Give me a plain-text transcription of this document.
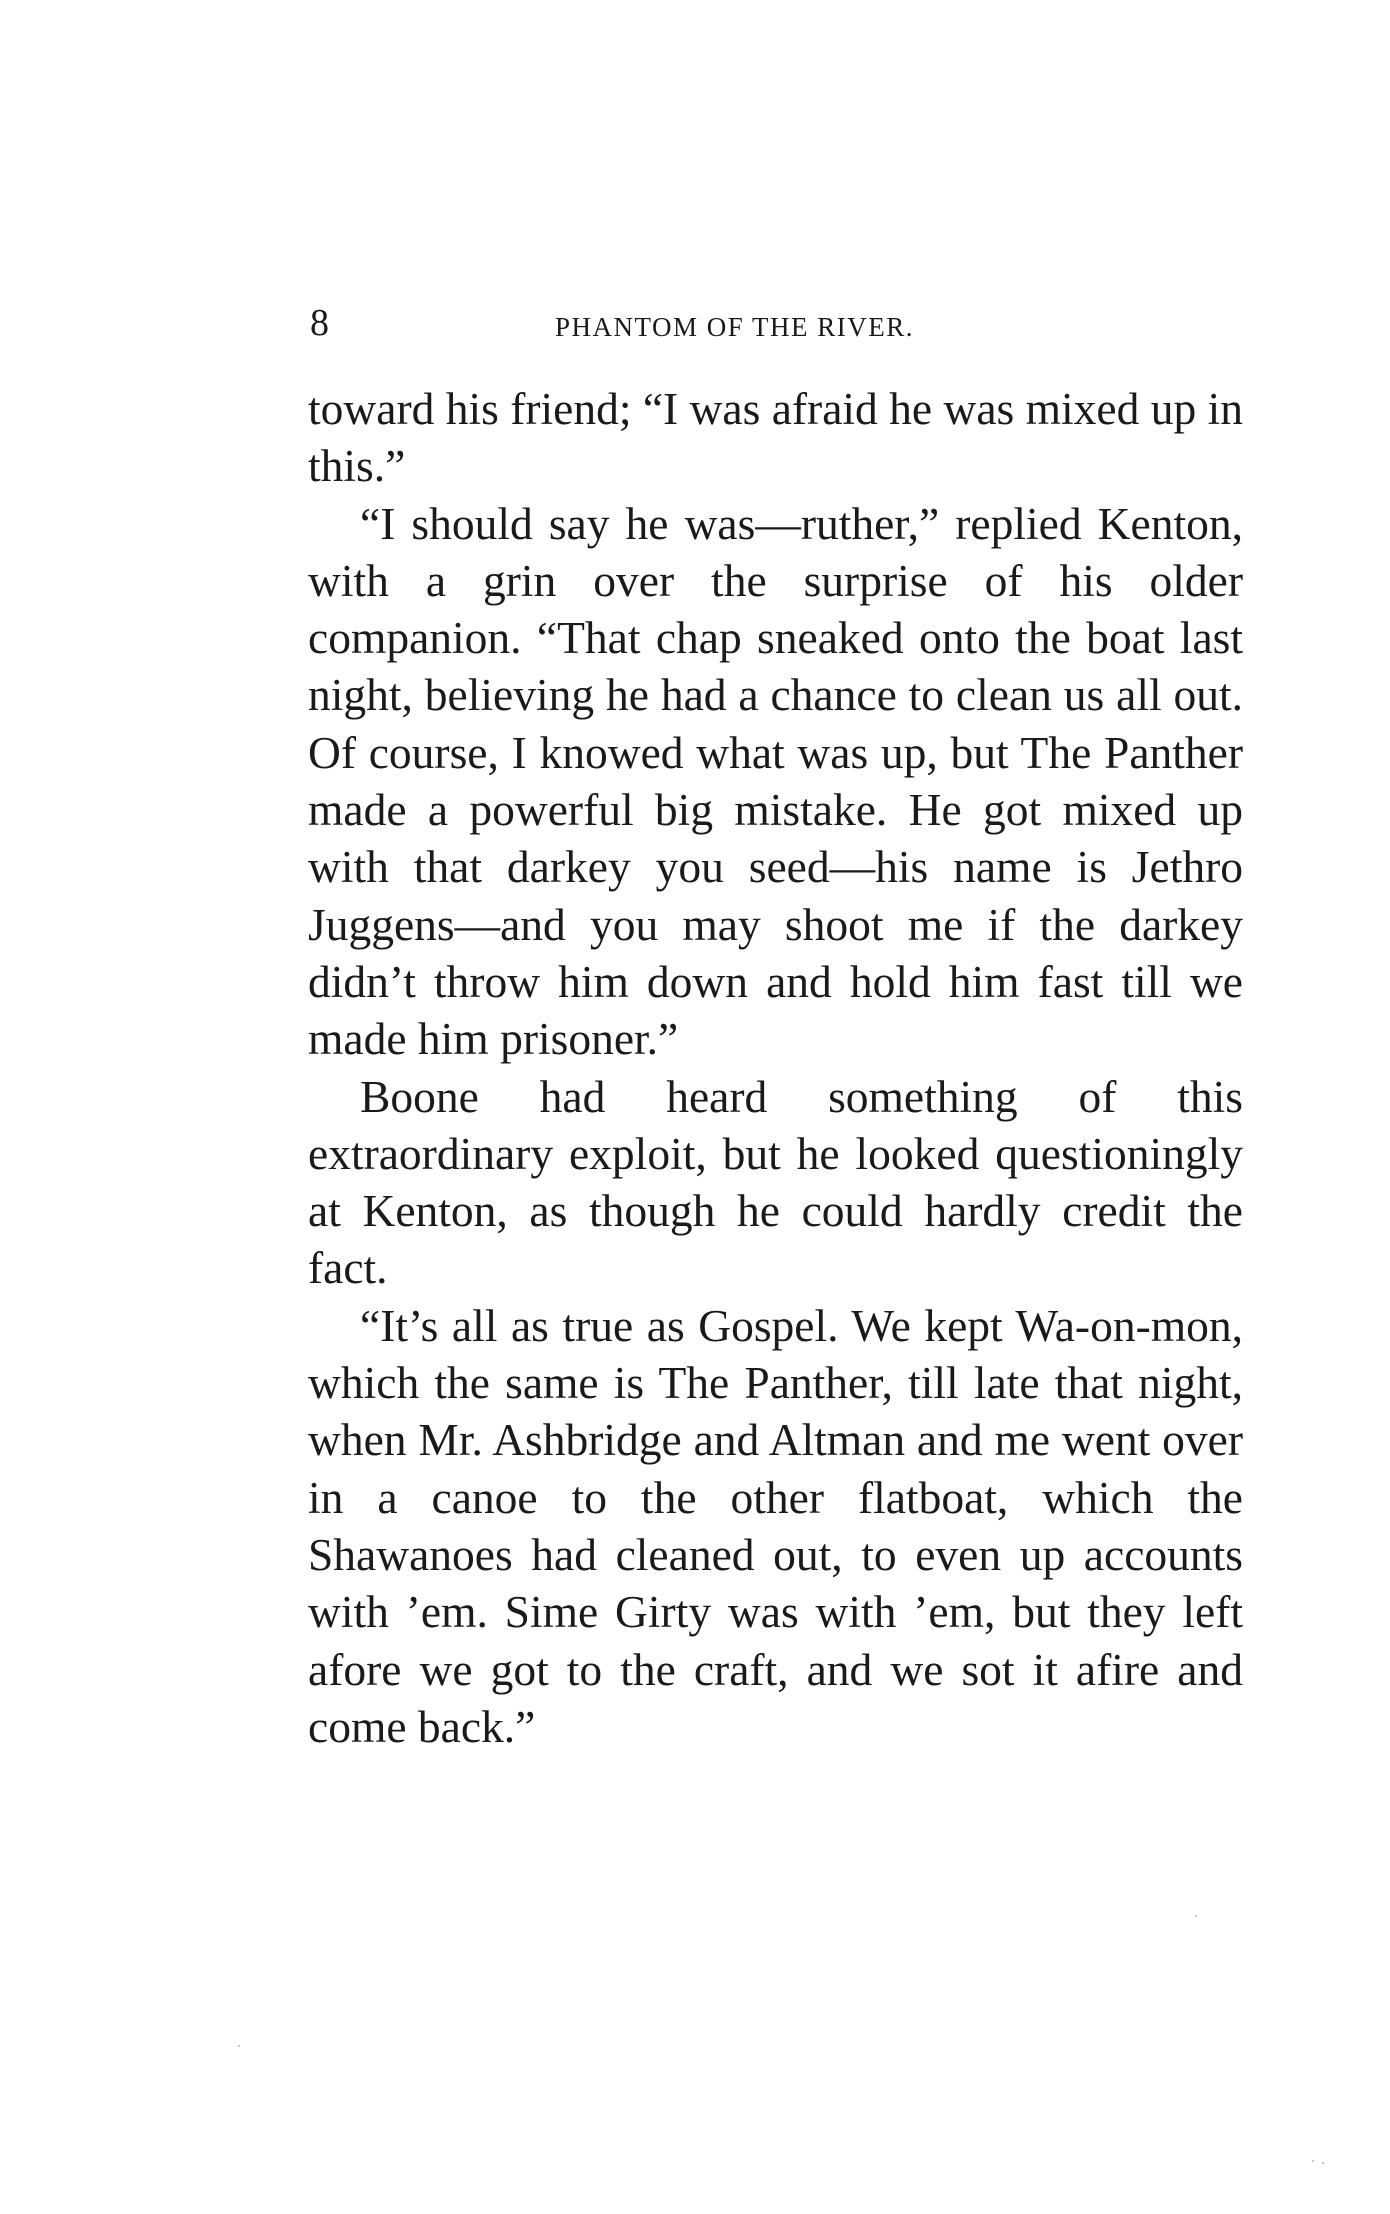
8	PHANTOM OF THE RIVER.

toward his friend; “I was afraid he was mixed up in this.”

“I should say he was—ruther,” replied Kenton, with a grin over the surprise of his older companion. “That chap sneaked onto the boat last night, believing he had a chance to clean us all out. Of course, I knowed what was up, but The Panther made a powerful big mistake. He got mixed up with that darkey you seed—his name is Jethro Juggens—and you may shoot me if the darkey didn’t throw him down and hold him fast till we made him prisoner.”

Boone had heard something of this extraordinary exploit, but he looked questioningly at Kenton, as though he could hardly credit the fact.

“It’s all as true as Gospel. We kept Wa-on-mon, which the same is The Panther, till late that night, when Mr. Ashbridge and Altman and me went over in a canoe to the other flatboat, which the Shawanoes had cleaned out, to even up accounts with ’em. Sime Girty was with ’em, but they left afore we got to the craft, and we sot it afire and come back.”
